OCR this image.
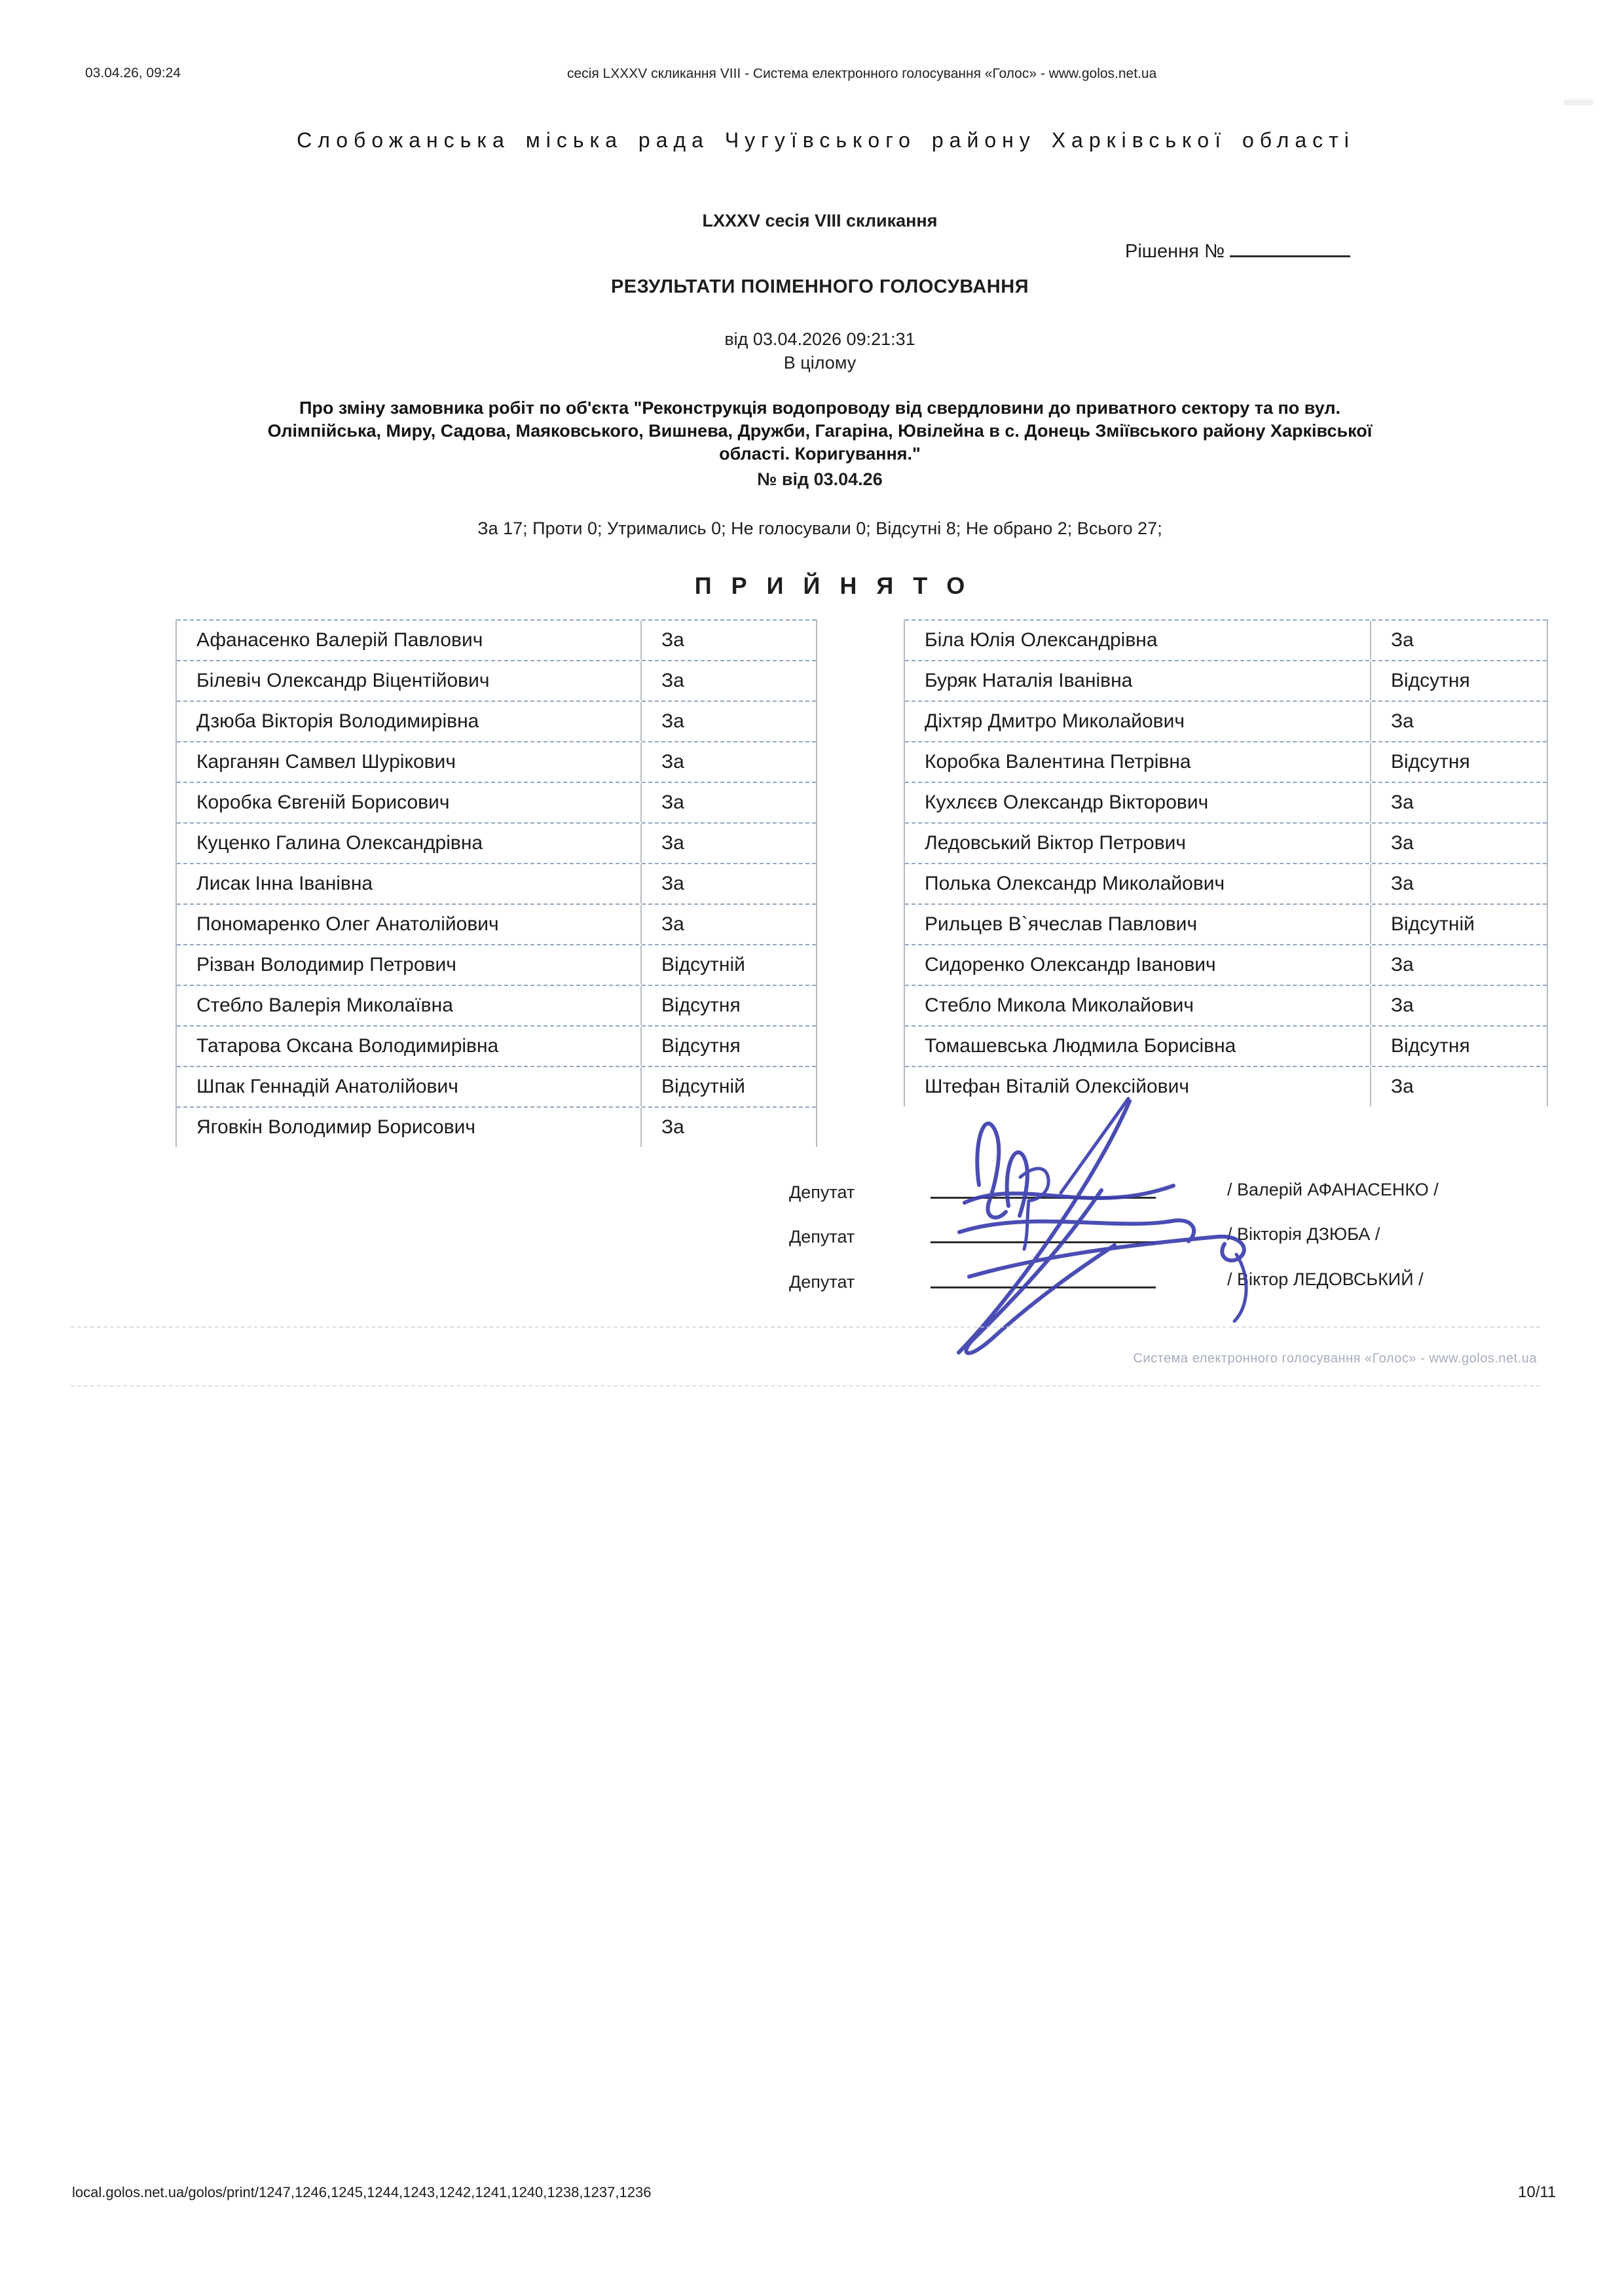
03.04.26, 09:24	сесія LXXXV скликання VIII - Система електронного голосування «Голос» - www.golos.net.ua
Слобожанська міська рада Чугуївського району Харківської області
LXXXV сесія VIII скликання
Рішення №
РЕЗУЛЬТАТИ ПОІМЕННОГО ГОЛОСУВАННЯ
від 03.04.2026 09:21:31
В цілому
Про зміну замовника робіт по об'єкта "Реконструкція водопроводу від свердловини до приватного сектору та по вул.
Олімпійська, Миру, Садова, Маяковського, Вишнева, Дружби, Гагаріна, Ювілейна в с. Донець Зміївського району Харківської
області. Коригування."
№ від 03.04.26
За 17; Проти 0; Утримались 0; Не голосували 0; Відсутні 8; Не обрано 2; Всього 27;
ПРИЙНЯТО
Афанасенко Валерій Павлович	За
Білевіч Олександр Віцентійович	За
Дзюба Вікторія Володимирівна	За
Карганян Самвел Шурікович	За
Коробка Євгеній Борисович	За
Куценко Галина Олександрівна	За
Лисак Інна Іванівна	За
Пономаренко Олег Анатолійович	За
Різван Володимир Петрович	Відсутній
Стебло Валерія Миколаївна	Відсутня
Татарова Оксана Володимирівна	Відсутня
Шпак Геннадій Анатолійович	Відсутній
Яговкін Володимир Борисович	За
Біла Юлія Олександрівна	За
Буряк Наталія Іванівна	Відсутня
Діхтяр Дмитро Миколайович	За
Коробка Валентина Петрівна	Відсутня
Кухлєєв Олександр Вікторович	За
Ледовський Віктор Петрович	За
Полька Олександр Миколайович	За
Рильцев В`ячеслав Павлович	Відсутній
Сидоренко Олександр Іванович	За
Стебло Микола Миколайович	За
Томашевська Людмила Борисівна	Відсутня
Штефан Віталій Олексійович	За
Депутат	/ Валерій АФАНАСЕНКО /
Депутат	/ Вікторія ДЗЮБА /
Депутат	/ Віктор ЛЕДОВСЬКИЙ /
Система електронного голосування «Голос» - www.golos.net.ua
local.golos.net.ua/golos/print/1247,1246,1245,1244,1243,1242,1241,1240,1238,1237,1236	10/11
